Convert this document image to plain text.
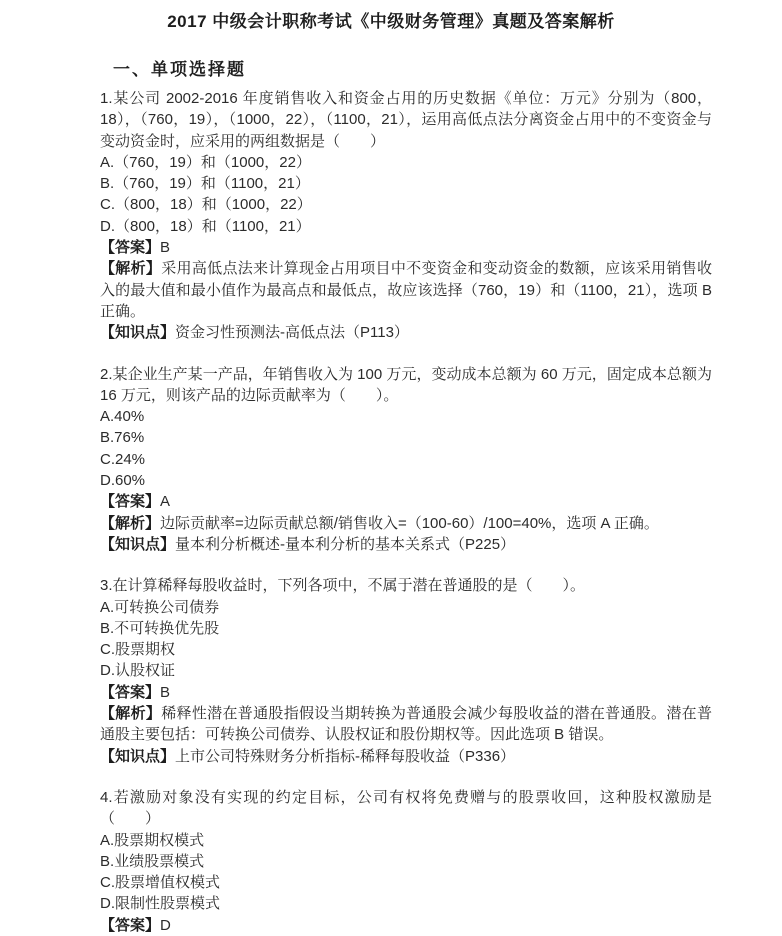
2017 中级会计职称考试《中级财务管理》真题及答案解析
一、单项选择题

1.某公司 2002-2016 年度销售收入和资金占用的历史数据《单位：万元》分别为（800，18），（760，19），（1000，22），（1100，21），运用高低点法分离资金占用中的不变资金与变动资金时，应采用的两组数据是（　　）

A.（760，19）和（1000，22）

B.（760，19）和（1100，21）

C.（800，18）和（1000，22）

D.（800，18）和（1100，21）

【答案】B

【解析】采用高低点法来计算现金占用项目中不变资金和变动资金的数额，应该采用销售收入的最大值和最小值作为最高点和最低点，故应该选择（760，19）和（1100，21），选项 B 正确。

【知识点】资金习性预测法-高低点法（P113）

2.某企业生产某一产品，年销售收入为 100 万元，变动成本总额为 60 万元，固定成本总额为 16 万元，则该产品的边际贡献率为（　　）。

A.40%

B.76%

C.24%

D.60%

【答案】A

【解析】边际贡献率=边际贡献总额/销售收入=（100-60）/100=40%，选项 A 正确。

【知识点】量本利分析概述-量本利分析的基本关系式（P225）

3.在计算稀释每股收益时，下列各项中，不属于潜在普通股的是（　　）。

A.可转换公司债券

B.不可转换优先股

C.股票期权

D.认股权证

【答案】B

【解析】稀释性潜在普通股指假设当期转换为普通股会减少每股收益的潜在普通股。潜在普通股主要包括：可转换公司债券、认股权证和股份期权等。因此选项 B 错误。

【知识点】上市公司特殊财务分析指标-稀释每股收益（P336）

4.若激励对象没有实现的约定目标，公司有权将免费赠与的股票收回，这种股权激励是（　　）

A.股票期权模式

B.业绩股票模式

C.股票增值权模式

D.限制性股票模式

【答案】D
